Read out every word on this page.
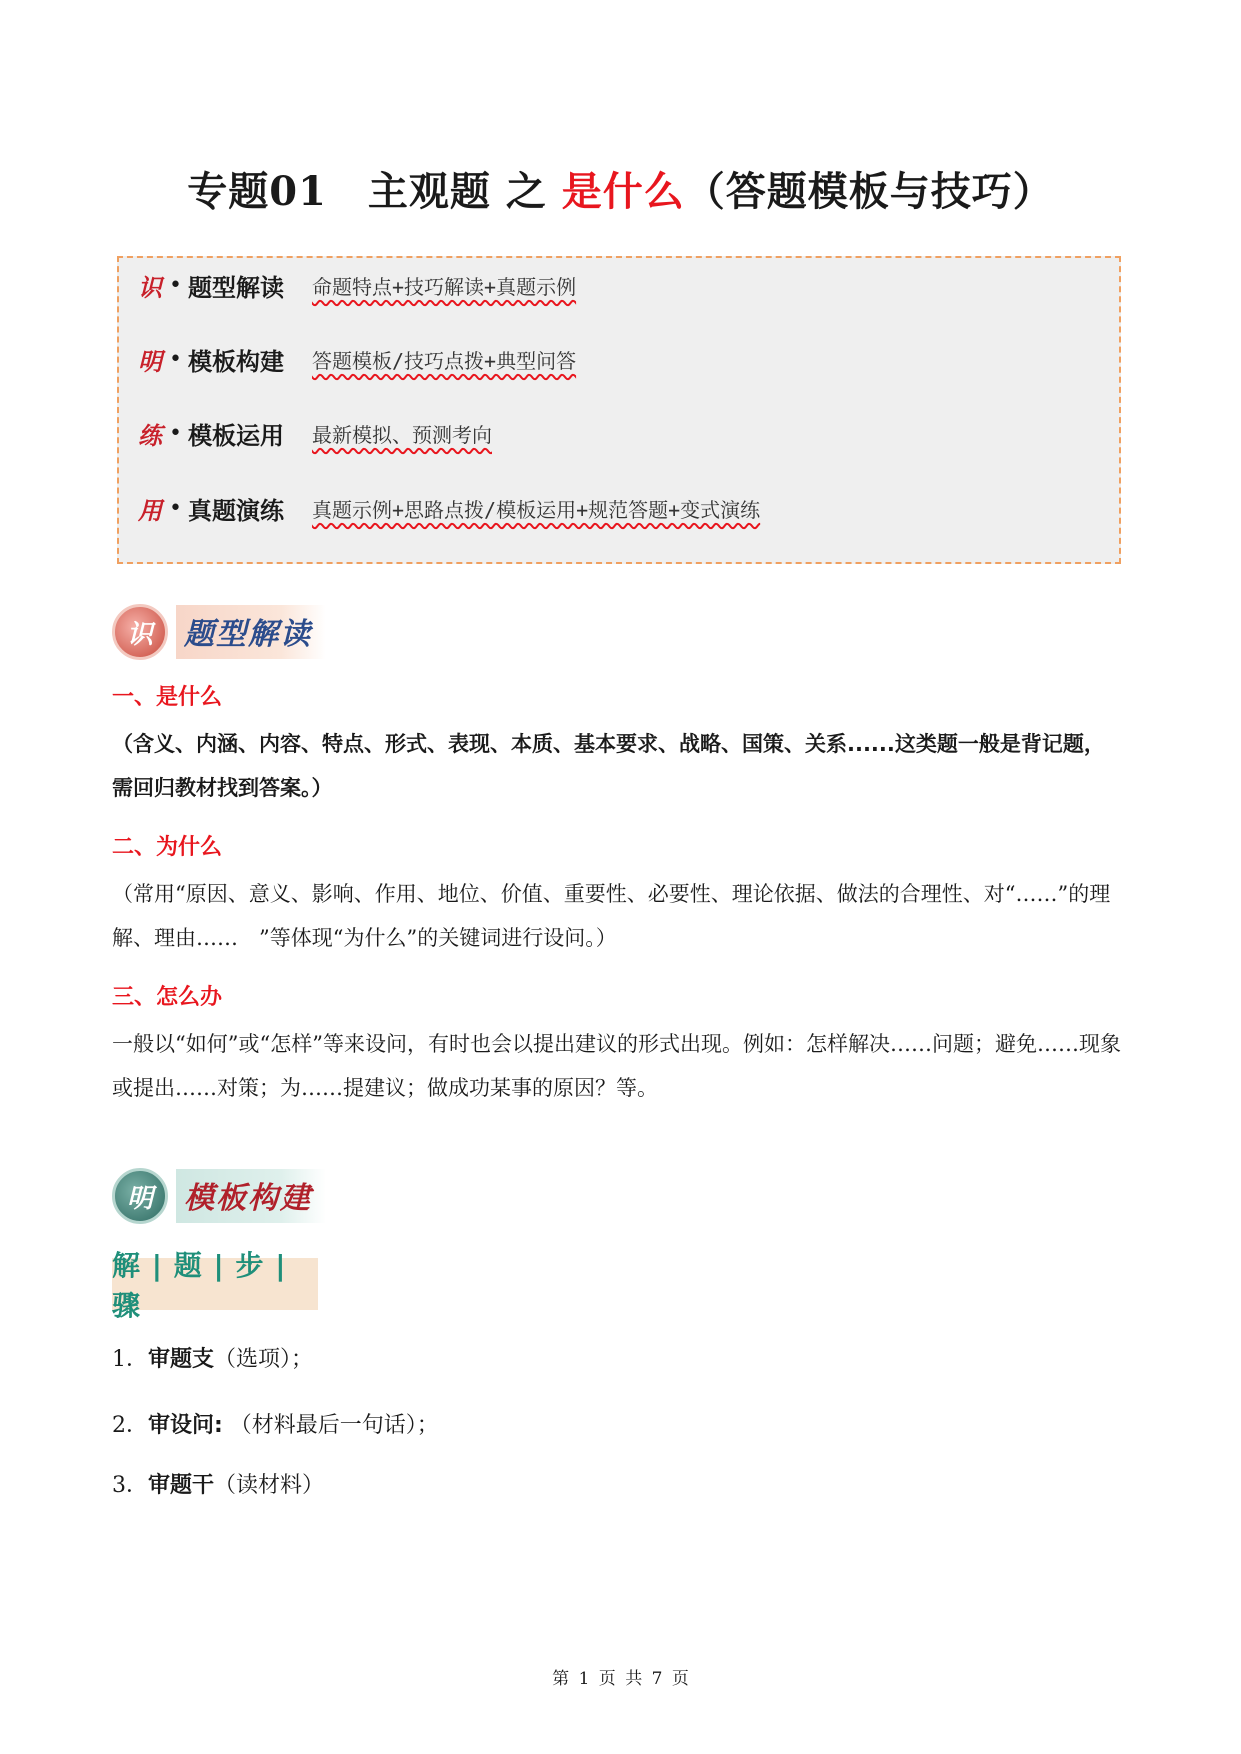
专题01　主观题 之 是什么（答题模板与技巧）
识 • 题型解读	命题特点+技巧解读+真题示例
明 • 模板构建	答题模板/技巧点拨+典型问答
练 • 模板运用	最新模拟、预测考向
用 • 真题演练	真题示例+思路点拨/模板运用+规范答题+变式演练
识	题型解读
一、是什么
（含义、内涵、内容、特点、形式、表现、本质、基本要求、战略、国策、关系......这类题一般是背记题，需回归教材找到答案。）
二、为什么
（常用“原因、意义、影响、作用、地位、价值、重要性、必要性、理论依据、做法的合理性、对“……”的理解、理由……　”等体现“为什么”的关键词进行设问。）
三、怎么办
一般以“如何”或“怎样”等来设问，有时也会以提出建议的形式出现。例如：怎样解决……问题；避免……现象或提出……对策；为……提建议；做成功某事的原因？等。
明	模板构建
解 | 题 | 步 | 骤
1．审题支（选项）；
2．审设问: （材料最后一句话）；
3．审题干（读材料）
第 1 页 共 7 页
